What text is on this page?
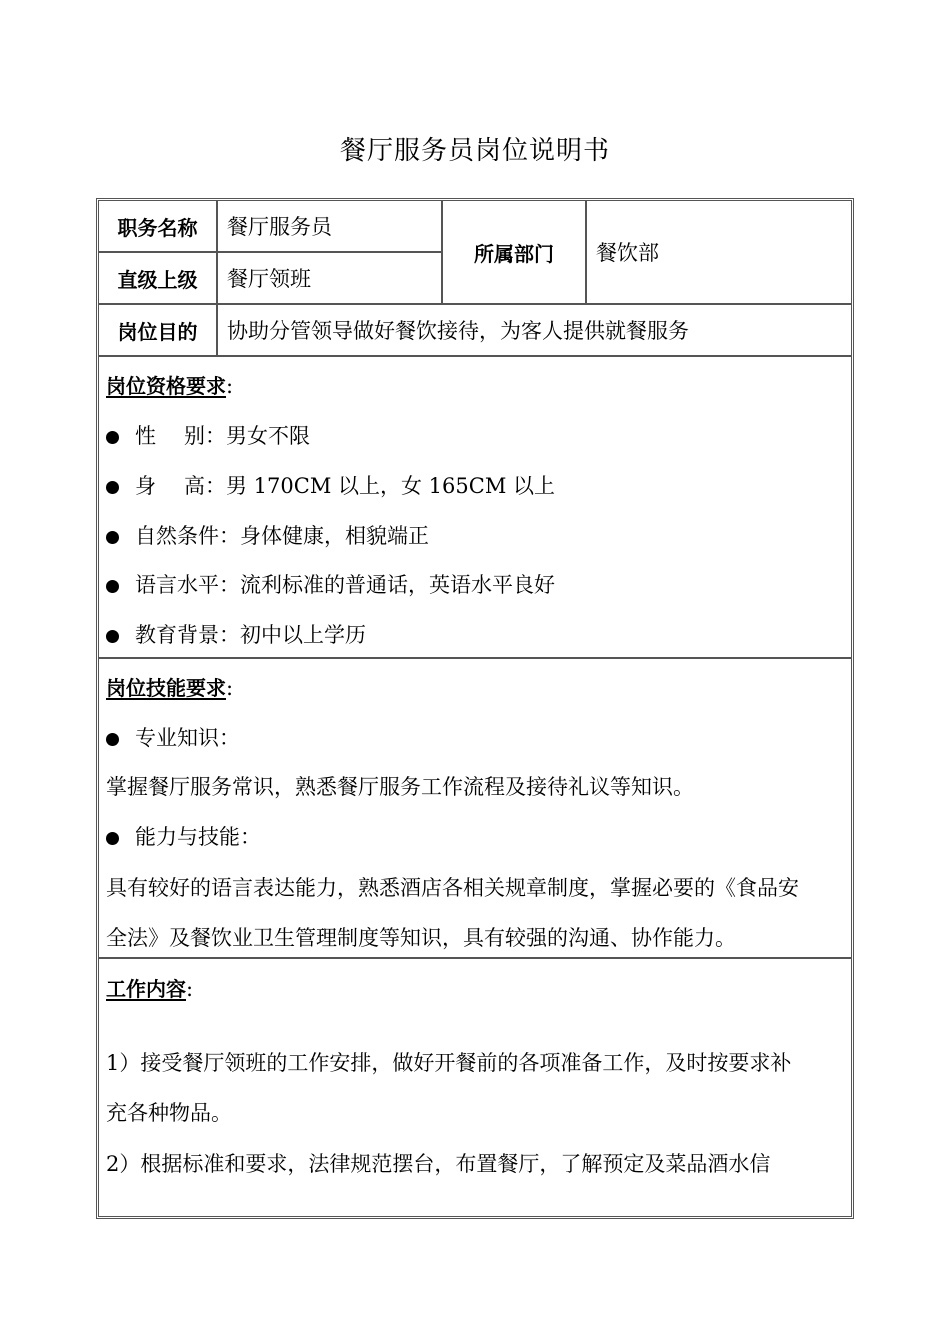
餐厅服务员岗位说明书
职务名称	餐厅服务员
直级上级	餐厅领班
所属部门	餐饮部
岗位目的	协助分管领导做好餐饮接待，为客人提供就餐服务
岗位资格要求:
性 别： 男女不限
身 高： 男 170CM 以上，女 165CM 以上
自然条件： 身体健康，相貌端正
语言水平： 流利标准的普通话，英语水平良好
教育背景： 初中以上学历
岗位技能要求:
专业知识：
掌握餐厅服务常识，熟悉餐厅服务工作流程及接待礼议等知识。
能力与技能：
具有较好的语言表达能力，熟悉酒店各相关规章制度，掌握必要的《食品安
全法》及餐饮业卫生管理制度等知识，具有较强的沟通、协作能力。
工作内容:
1）接受餐厅领班的工作安排，做好开餐前的各项准备工作，及时按要求补
充各种物品。
2）根据标准和要求，法律规范摆台，布置餐厅，了解预定及菜品酒水信
